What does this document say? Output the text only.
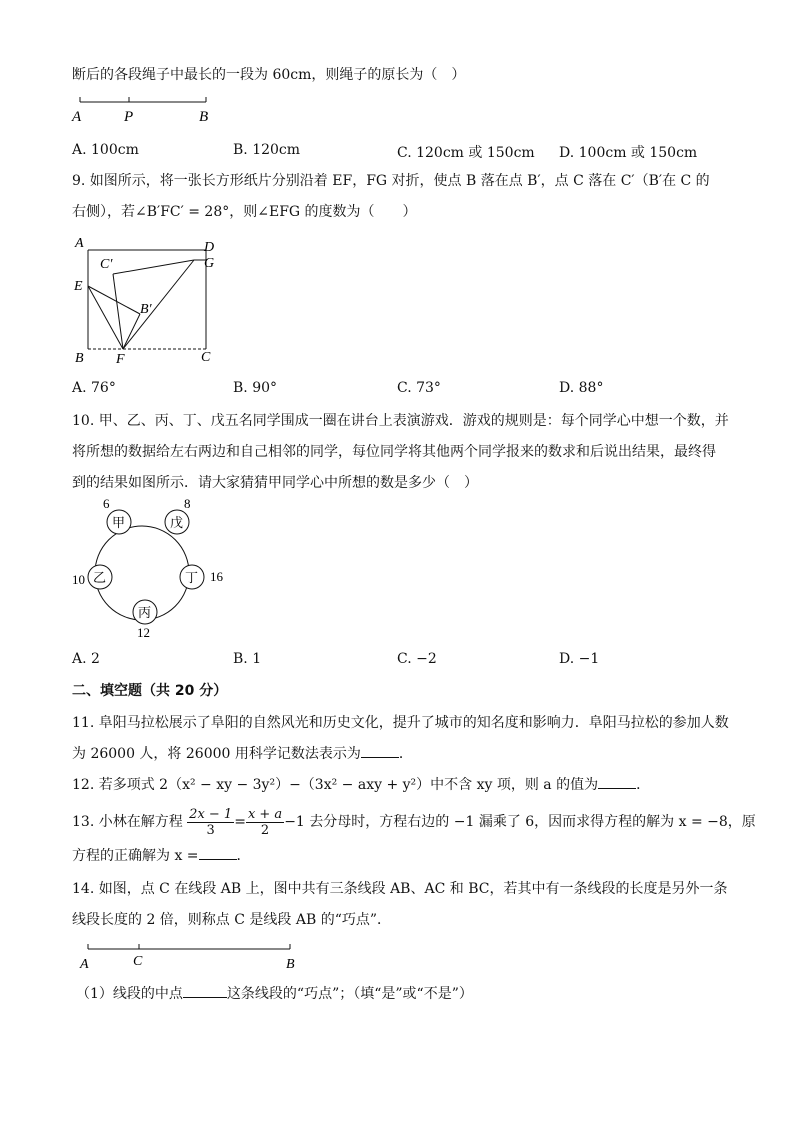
断后的各段绳子中最长的一段为 60cm，则绳子的原长为（　）
A	P	B
A. 100cm	B. 120cm	C. 120cm 或 150cm D. 100cm 或 150cm
9. 如图所示，将一张长方形纸片分别沿着 EF，FG 对折，使点 B 落在点 B′，点 C 落在 C′（B′在 C 的
右侧），若∠B′FC′ = 28°，则∠EFG 的度数为（　　）
A	D
C′	G
E
B′
B F	C
A. 76°	B. 90°	C. 73°	D. 88°
10. 甲、乙、丙、丁、戊五名同学围成一圈在讲台上表演游戏．游戏的规则是：每个同学心中想一个数，并
将所想的数据给左右两边和自己相邻的同学，每位同学将其他两个同学报来的数求和后说出结果，最终得
到的结果如图所示．请大家猜猜甲同学心中所想的数是多少（　）
甲	戊
乙	丁
丙
6	8
10	16
12
A. 2	B. 1	C. −2	D. −1
二、填空题（共 20 分）
11. 阜阳马拉松展示了阜阳的自然风光和历史文化，提升了城市的知名度和影响力．阜阳马拉松的参加人数
为 26000 人，将 26000 用科学记数法表示为	．
12. 若多项式 2（x² − xy − 3y²）−（3x² − axy + y²）中不含 xy 项，则 a 的值为	．
13. 小林在解方程 $\frac{2x - 1}{3} = \frac{x + a}{2} -1$ 去分母时，方程右边的 −1 漏乘了 6，因而求得方程的解为 x = −8，原
方程的正确解为 x =	．
14. 如图，点 C 在线段 AB 上，图中共有三条线段 AB、AC 和 BC，若其中有一条线段的长度是另外一条
线段长度的 2 倍，则称点 C 是线段 AB 的“巧点”．
A	C	B
（1）线段的中点	这条线段的“巧点”；（填“是”或“不是”）
